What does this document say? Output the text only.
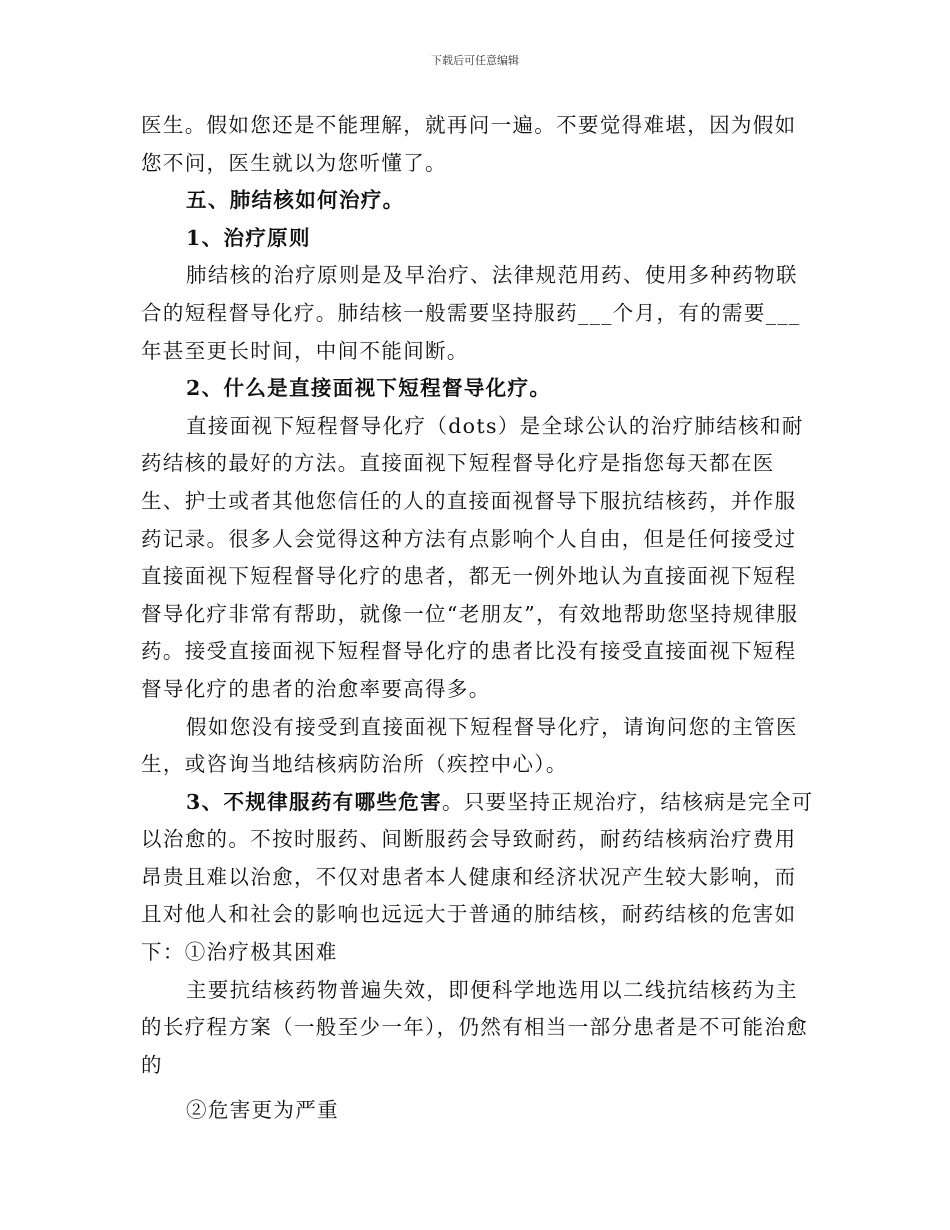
下载后可任意编辑

医生。假如您还是不能理解，就再问一遍。不要觉得难堪，因为假如

您不问，医生就以为您听懂了。

五、肺结核如何治疗。

1、治疗原则

肺结核的治疗原则是及早治疗、法律规范用药、使用多种药物联合的短程督导化疗。肺结核一般需要坚持服药___个月，有的需要___年甚至更长时间，中间不能间断。

2、什么是直接面视下短程督导化疗。

直接面视下短程督导化疗（dots）是全球公认的治疗肺结核和耐药结核的最好的方法。直接面视下短程督导化疗是指您每天都在医生、护士或者其他您信任的人的直接面视督导下服抗结核药，并作服药记录。很多人会觉得这种方法有点影响个人自由，但是任何接受过直接面视下短程督导化疗的患者，都无一例外地认为直接面视下短程督导化疗非常有帮助，就像一位“老朋友”，有效地帮助您坚持规律服药。接受直接面视下短程督导化疗的患者比没有接受直接面视下短程督导化疗的患者的治愈率要高得多。

假如您没有接受到直接面视下短程督导化疗，请询问您的主管医生，或咨询当地结核病防治所（疾控中心）。

3、不规律服药有哪些危害。只要坚持正规治疗，结核病是完全可以治愈的。不按时服药、间断服药会导致耐药，耐药结核病治疗费用昂贵且难以治愈，不仅对患者本人健康和经济状况产生较大影响，而且对他人和社会的影响也远远大于普通的肺结核，耐药结核的危害如下：①治疗极其困难

主要抗结核药物普遍失效，即便科学地选用以二线抗结核药为主的长疗程方案（一般至少一年），仍然有相当一部分患者是不可能治愈的

②危害更为严重
